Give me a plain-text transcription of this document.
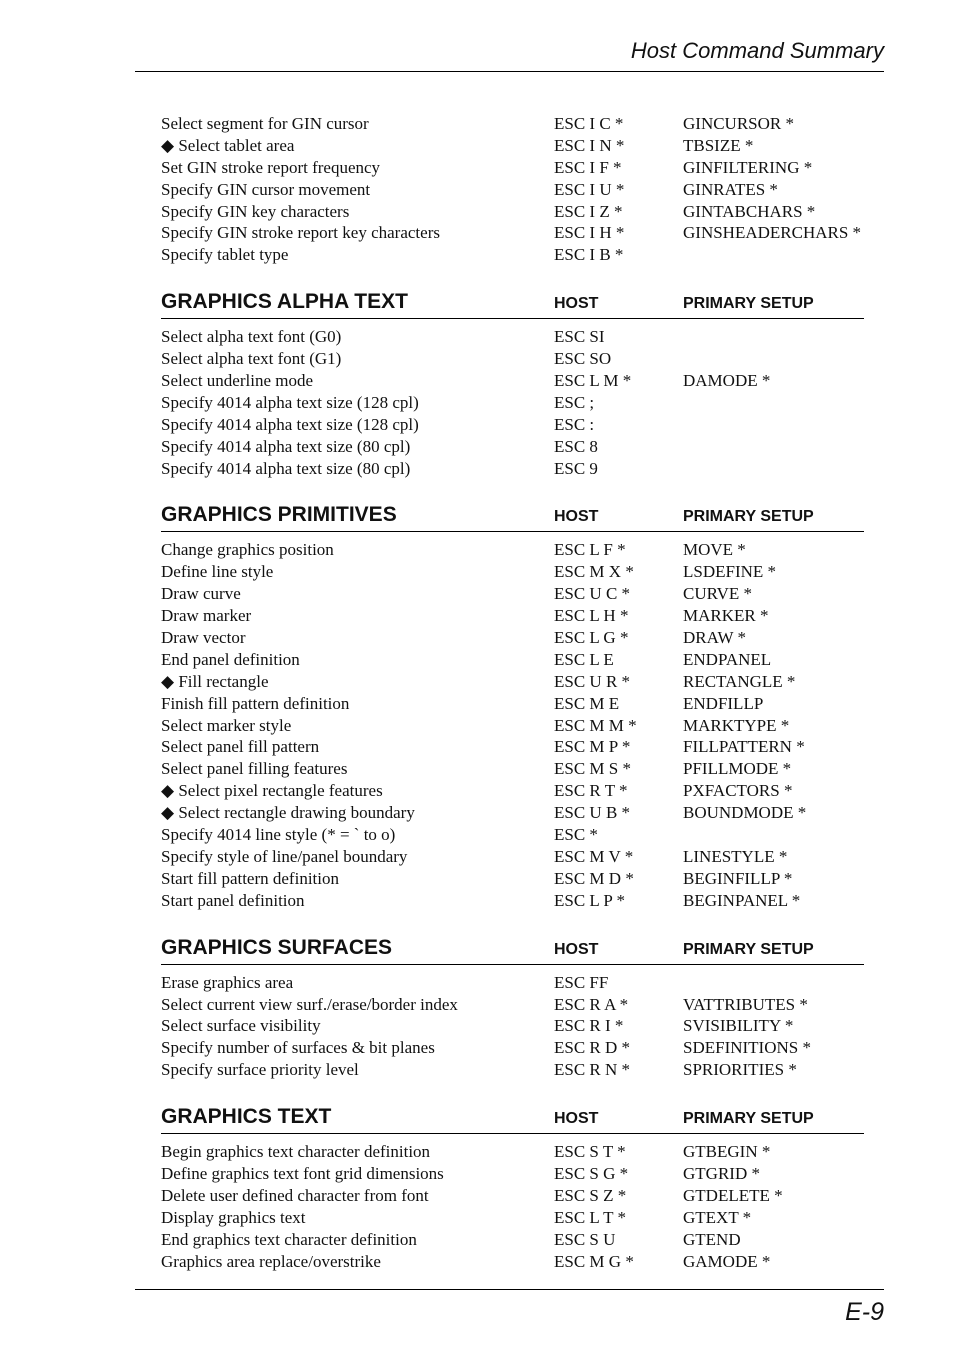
Host Command Summary
Select segment for GIN cursor	ESC I C *	GINCURSOR *
◆ Select tablet area	ESC I N *	TBSIZE *
Set GIN stroke report frequency	ESC I F *	GINFILTERING *
Specify GIN cursor movement	ESC I U *	GINRATES *
Specify GIN key characters	ESC I Z *	GINTABCHARS *
Specify GIN stroke report key characters	ESC I H *	GINSHEADERCHARS *
Specify tablet type	ESC I B *
GRAPHICS ALPHA TEXT	HOST	PRIMARY SETUP
Select alpha text font (G0)	ESC SI
Select alpha text font (G1)	ESC SO
Select underline mode	ESC L M *	DAMODE *
Specify 4014 alpha text size (128 cpl)	ESC ;
Specify 4014 alpha text size (128 cpl)	ESC :
Specify 4014 alpha text size (80 cpl)	ESC 8
Specify 4014 alpha text size (80 cpl)	ESC 9
GRAPHICS PRIMITIVES	HOST	PRIMARY SETUP
Change graphics position	ESC L F *	MOVE *
Define line style	ESC M X *	LSDEFINE *
Draw curve	ESC U C *	CURVE *
Draw marker	ESC L H *	MARKER *
Draw vector	ESC L G *	DRAW *
End panel definition	ESC L E	ENDPANEL
◆ Fill rectangle	ESC U R *	RECTANGLE *
Finish fill pattern definition	ESC M E	ENDFILLP
Select marker style	ESC M M *	MARKTYPE *
Select panel fill pattern	ESC M P *	FILLPATTERN *
Select panel filling features	ESC M S *	PFILLMODE *
◆ Select pixel rectangle features	ESC R T *	PXFACTORS *
◆ Select rectangle drawing boundary	ESC U B *	BOUNDMODE *
Specify 4014 line style (* = ` to o)	ESC *
Specify style of line/panel boundary	ESC M V *	LINESTYLE *
Start fill pattern definition	ESC M D *	BEGINFILLP *
Start panel definition	ESC L P *	BEGINPANEL *
GRAPHICS SURFACES	HOST	PRIMARY SETUP
Erase graphics area	ESC FF
Select current view surf./erase/border index	ESC R A *	VATTRIBUTES *
Select surface visibility	ESC R I *	SVISIBILITY *
Specify number of surfaces & bit planes	ESC R D *	SDEFINITIONS *
Specify surface priority level	ESC R N *	SPRIORITIES *
GRAPHICS TEXT	HOST	PRIMARY SETUP
Begin graphics text character definition	ESC S T *	GTBEGIN *
Define graphics text font grid dimensions	ESC S G *	GTGRID *
Delete user defined character from font	ESC S Z *	GTDELETE *
Display graphics text	ESC L T *	GTEXT *
End graphics text character definition	ESC S U	GTEND
Graphics area replace/overstrike	ESC M G *	GAMODE *
E-9
